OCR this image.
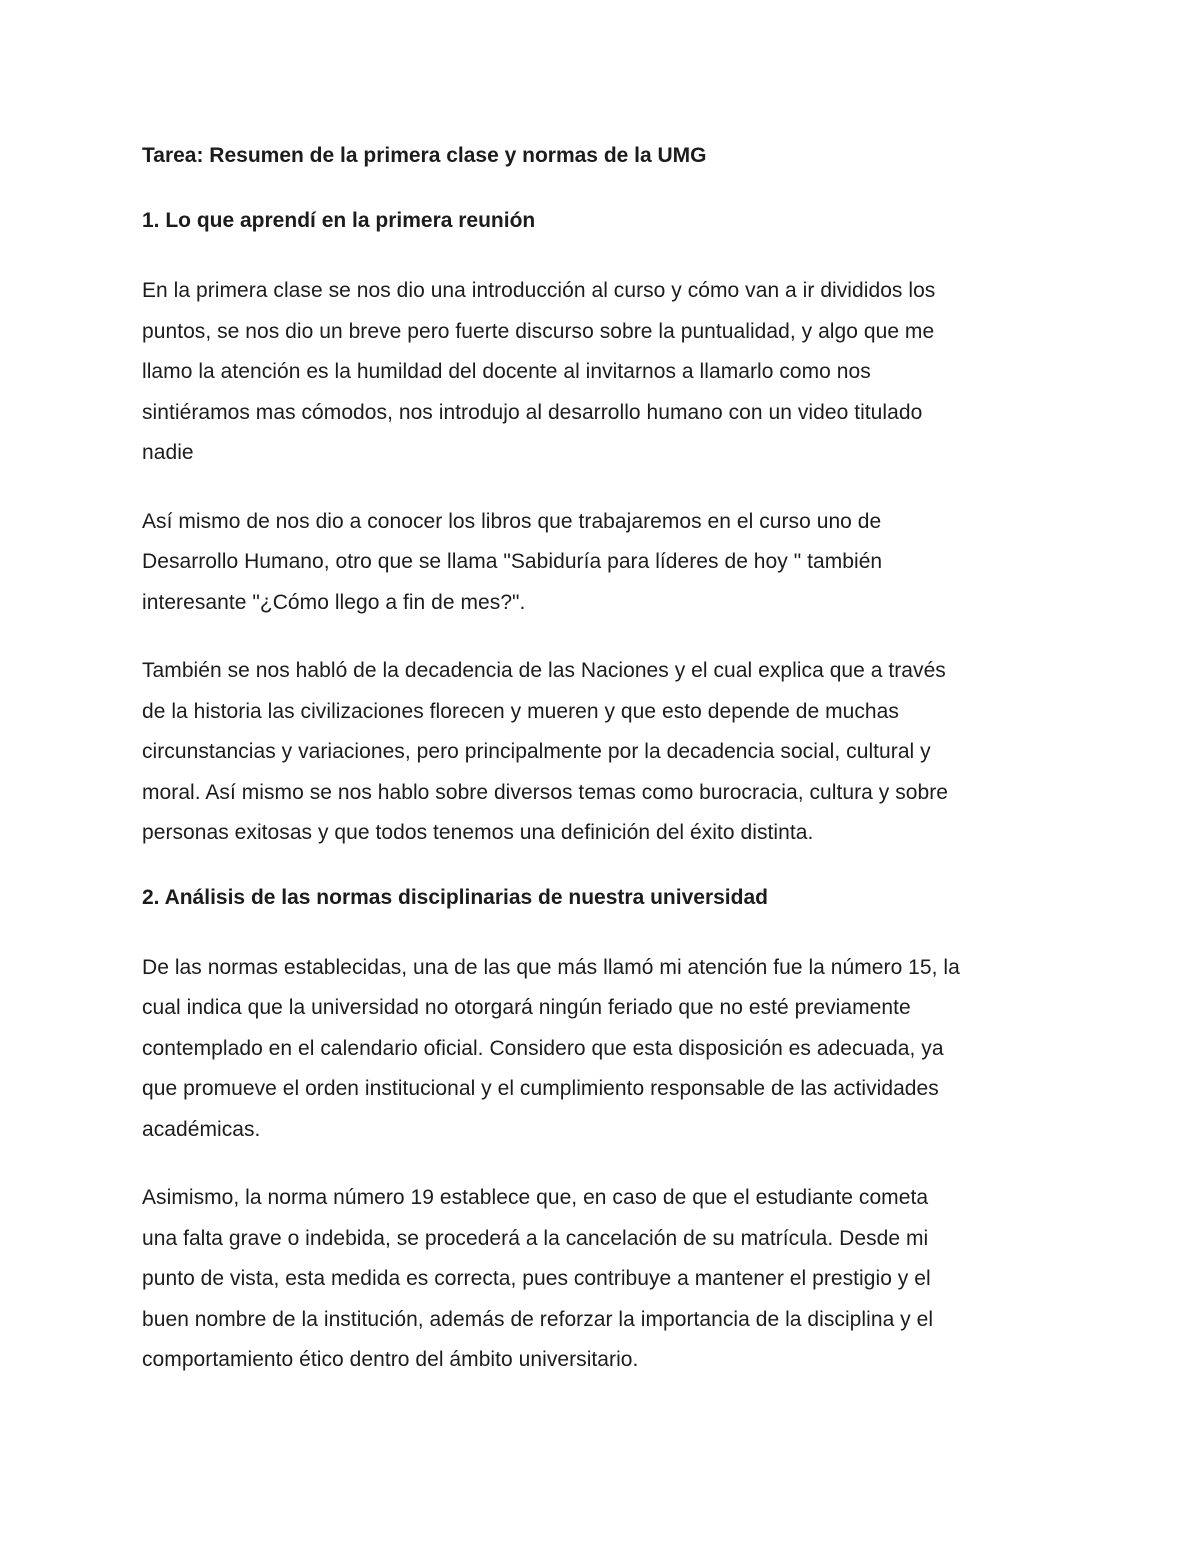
Tarea: Resumen de la primera clase y normas de la UMG
1. Lo que aprendí en la primera reunión
En la primera clase se nos dio una introducción al curso y cómo van a ir divididos los
puntos, se nos dio un breve pero fuerte discurso sobre la puntualidad, y algo que me
llamo la atención es la humildad del docente al invitarnos a llamarlo como nos
sintiéramos mas cómodos, nos introdujo al desarrollo humano con un video titulado
nadie
Así mismo de nos dio a conocer los libros que trabajaremos en el curso uno de
Desarrollo Humano, otro que se llama "Sabiduría para líderes de hoy " también
interesante "¿Cómo llego a fin de mes?".
También se nos habló de la decadencia de las Naciones y el cual explica que a través
de la historia las civilizaciones florecen y mueren y que esto depende de muchas
circunstancias y variaciones, pero principalmente por la decadencia social, cultural y
moral. Así mismo se nos hablo sobre diversos temas como burocracia, cultura y sobre
personas exitosas y que todos tenemos una definición del éxito distinta.
2. Análisis de las normas disciplinarias de nuestra universidad
De las normas establecidas, una de las que más llamó mi atención fue la número 15, la
cual indica que la universidad no otorgará ningún feriado que no esté previamente
contemplado en el calendario oficial. Considero que esta disposición es adecuada, ya
que promueve el orden institucional y el cumplimiento responsable de las actividades
académicas.
Asimismo, la norma número 19 establece que, en caso de que el estudiante cometa
una falta grave o indebida, se procederá a la cancelación de su matrícula. Desde mi
punto de vista, esta medida es correcta, pues contribuye a mantener el prestigio y el
buen nombre de la institución, además de reforzar la importancia de la disciplina y el
comportamiento ético dentro del ámbito universitario.
